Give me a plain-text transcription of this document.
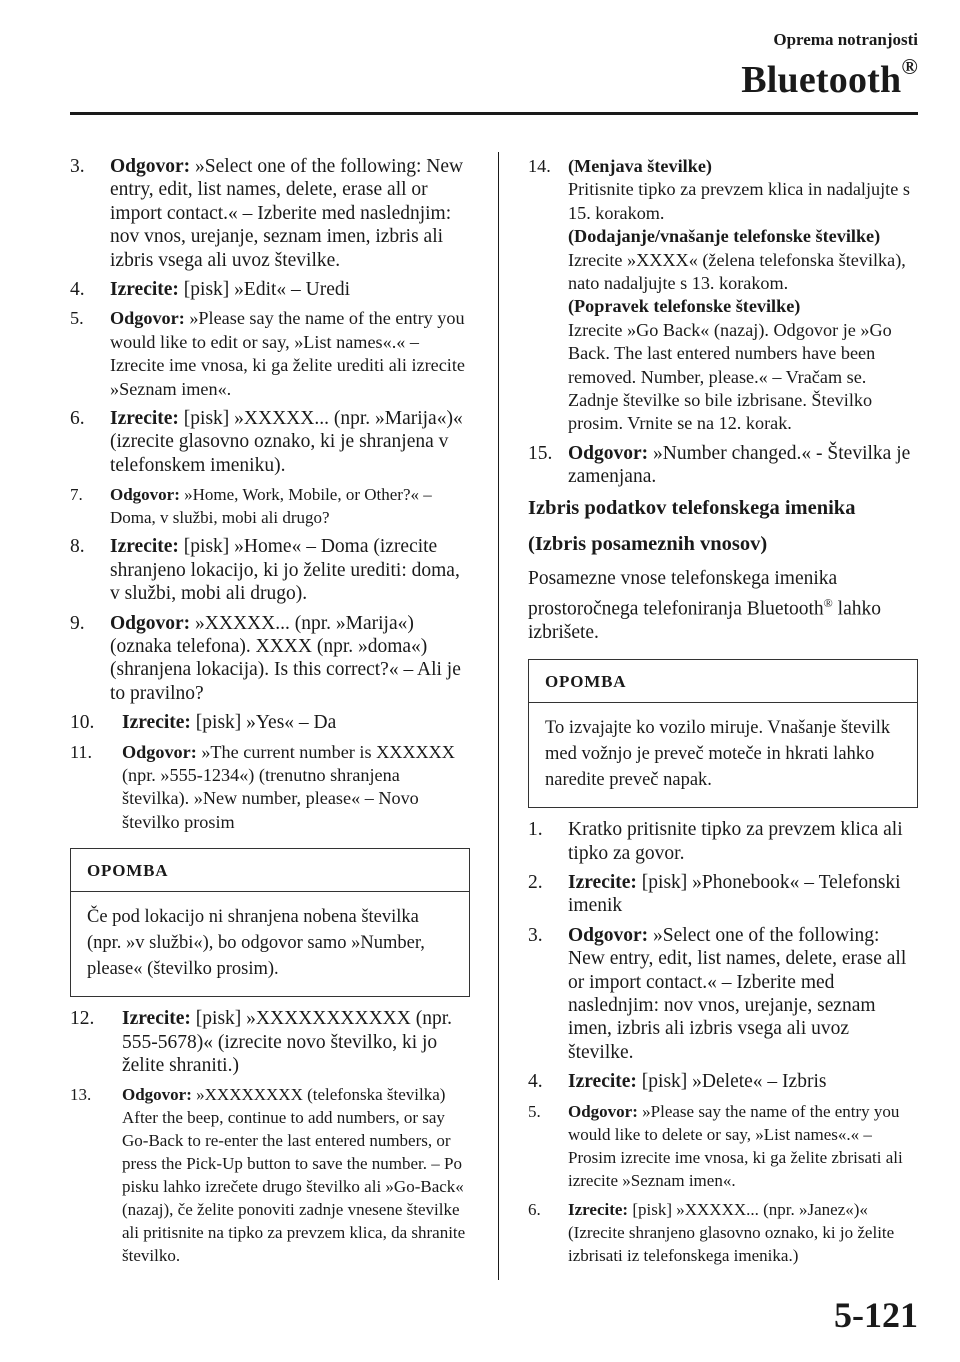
Oprema notranjosti
Bluetooth®
3.	Odgovor: »Select one of the following: New entry, edit, list names, delete, erase all or import contact.« – Izberite med naslednjim: nov vnos, urejanje, seznam imen, izbris ali izbris vsega ali uvoz številke.
4.	Izrecite: [pisk] »Edit« – Uredi
5.	Odgovor: »Please say the name of the entry you would like to edit or say, »List names«.« – Izrecite ime vnosa, ki ga želite urediti ali izrecite »Seznam imen«.
6.	Izrecite: [pisk] »XXXXX... (npr. »Marija«)« (izrecite glasovno oznako, ki je shranjena v telefonskem imeniku).
7.	Odgovor: »Home, Work, Mobile, or Other?« – Doma, v službi, mobi ali drugo?
8.	Izrecite: [pisk] »Home« – Doma (izrecite shranjeno lokacijo, ki jo želite urediti: doma, v službi, mobi ali drugo).
9.	Odgovor: »XXXXX... (npr. »Marija«) (oznaka telefona). XXXX (npr. »doma«) (shranjena lokacija). Is this correct?« – Ali je to pravilno?
10.	Izrecite: [pisk] »Yes« – Da
11.	Odgovor: »The current number is XXXXXX (npr. »555-1234«) (trenutno shranjena številka). »New number, please« – Novo številko prosim
OPOMBA
Če pod lokacijo ni shranjena nobena številka (npr. »v službi«), bo odgovor samo »Number, please« (številko prosim).
12.	Izrecite: [pisk] »XXXXXXXXXXX (npr. 555-5678)« (izrecite novo številko, ki jo želite shraniti.)
13.	Odgovor: »XXXXXXXX (telefonska številka) After the beep, continue to add numbers, or say Go-Back to re-enter the last entered numbers, or press the Pick-Up button to save the number. – Po pisku lahko izrečete drugo številko ali »Go-Back« (nazaj), če želite ponoviti zadnje vnesene številke ali pritisnite na tipko za prevzem klica, da shranite številko.
14. (Menjava številke)
Pritisnite tipko za prevzem klica in nadaljujte s 15. korakom.
(Dodajanje/vnašanje telefonske številke)
Izrecite »XXXX« (želena telefonska številka), nato nadaljujte s 13. korakom.
(Popravek telefonske številke)
Izrecite »Go Back« (nazaj). Odgovor je »Go Back. The last entered numbers have been removed. Number, please.« – Vračam se. Zadnje številke so bile izbrisane. Številko prosim. Vrnite se na 12. korak.
15. Odgovor: »Number changed.« - Številka je zamenjana.
Izbris podatkov telefonskega imenika
(Izbris posameznih vnosov)

Posamezne vnose telefonskega imenika prostoročnega telefoniranja Bluetooth® lahko izbrišete.

OPOMBA
To izvajajte ko vozilo miruje. Vnašanje številk med vožnjo je preveč moteče in hkrati lahko naredite preveč napak.
1.	Kratko pritisnite tipko za prevzem klica ali tipko za govor.
2.	Izrecite: [pisk] »Phonebook« – Telefonski imenik
3.	Odgovor: »Select one of the following: New entry, edit, list names, delete, erase all or import contact.« – Izberite med naslednjim: nov vnos, urejanje, seznam imen, izbris ali izbris vsega ali uvoz številke.
4.	Izrecite: [pisk] »Delete« – Izbris
5.	Odgovor: »Please say the name of the entry you would like to delete or say, »List names«.« – Prosim izrecite ime vnosa, ki ga želite zbrisati ali izrecite »Seznam imen«.
6.	Izrecite: [pisk] »XXXXX... (npr. »Janez«)« (Izrecite shranjeno glasovno oznako, ki jo želite izbrisati iz telefonskega imenika.)
5-121
